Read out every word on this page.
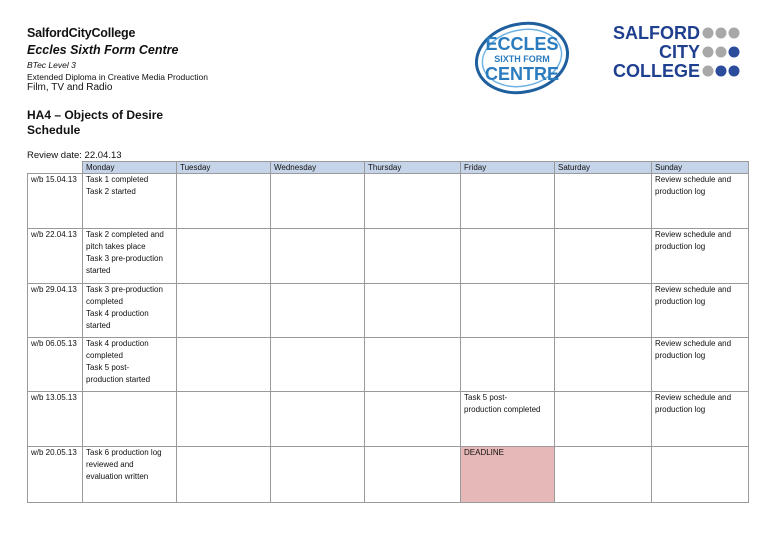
SalfordCityCollege
Eccles Sixth Form Centre
BTec Level 3
Extended Diploma in Creative Media Production
Film, TV and Radio
HA4 – Objects of Desire
Schedule
Review date: 22.04.13
ECCLES
SIXTH FORM
CENTRE
SALFORD
CITY
COLLEGE
	Monday	Tuesday	Wednesday	Thursday	Friday	Saturday	Sunday
w/b 15.04.13	Task 1 completed
Task 2 started						Review schedule and
production log

w/b 22.04.13	Task 2 completed and
pitch takes place
Task 3 pre-production
started						Review schedule and
production log

w/b 29.04.13	Task 3 pre-production
completed
Task 4 production
started						Review schedule and
production log

w/b 06.05.13	Task 4 production
completed
Task 5 post-
production started						Review schedule and
production log

w/b 13.05.13					Task 5 post-
production completed		Review schedule and
production log

w/b 20.05.13	Task 6 production log
reviewed and
evaluation written				DEADLINE		
